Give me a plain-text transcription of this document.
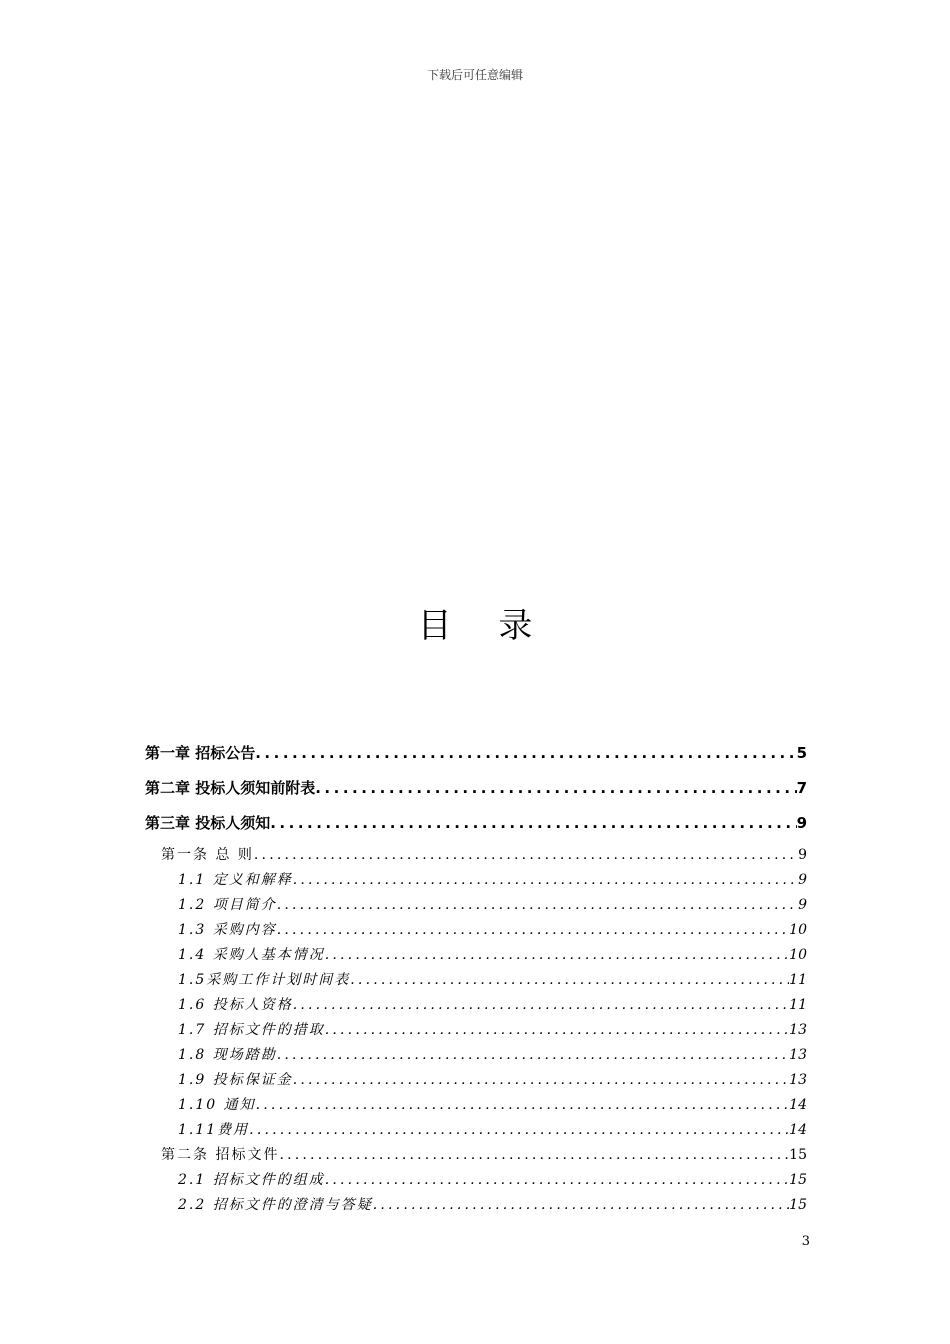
下载后可任意编辑
目 录
第一章 招标公告 .....	5
第二章 投标人须知前附表 .....	7
第三章 投标人须知 .....	9
第一条 总 则 .....	9
1.1 定义和解释 .....	9
1.2 项目简介 .....	9
1.3 采购内容 .....	10
1.4 采购人基本情况 .....	10
1.5采购工作计划时间表 .....	11
1.6 投标人资格 .....	11
1.7 招标文件的措取 .....	13
1.8 现场踏勘 .....	13
1.9 投标保证金 .....	13
1.10 通知 .....	14
1.11费用 .....	14
第二条 招标文件 .....	15
2.1 招标文件的组成 .....	15
2.2 招标文件的澄清与答疑 .....	15
3
